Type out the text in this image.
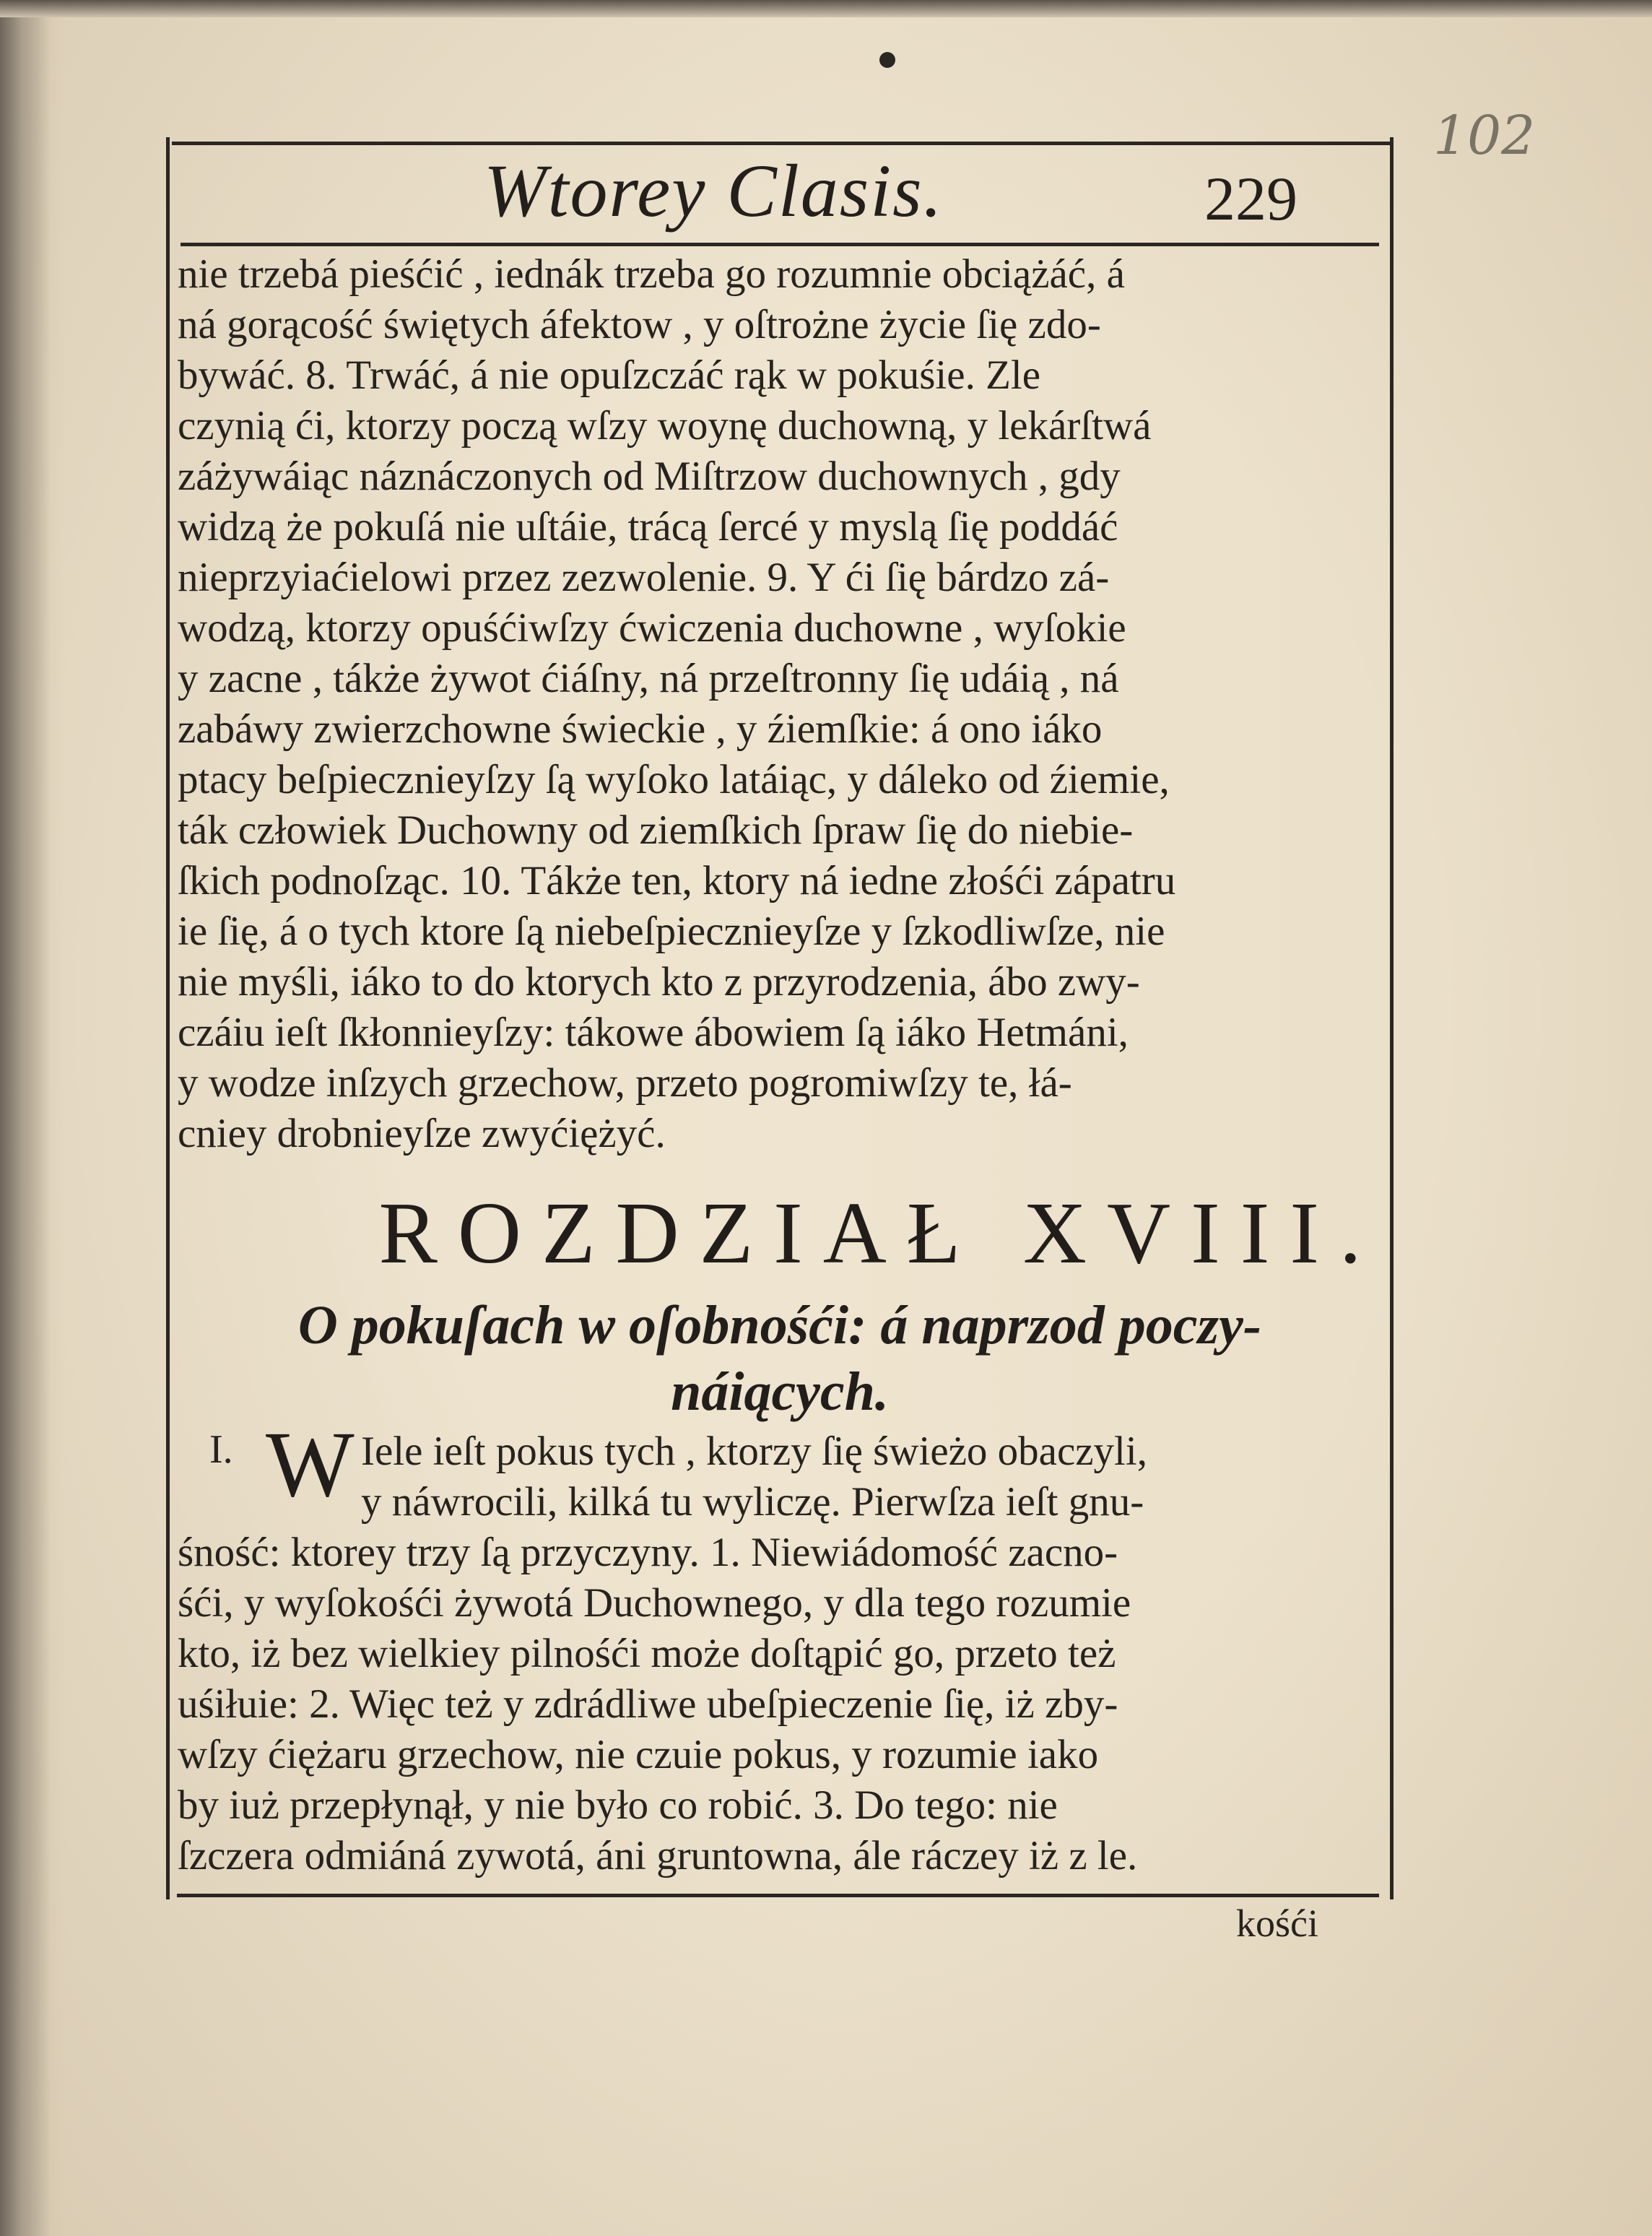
102
Wtorey Clasis.	229
nie trzebá pieśćić , iednák trzeba go rozumnie obciążáć, á
ná gorącość świętych áfektow , y oſtrożne życie ſię zdo-
bywáć. 8. Trwáć, á nie opuſzczáć rąk w pokuśie. Zle
czynią ći, ktorzy począ wſzy woynę duchowną, y lekárſtwá
záżywáiąc náznáczonych od Miſtrzow duchownych , gdy
widzą że pokuſá nie uſtáie, trácą ſercé y myslą ſię poddáć
nieprzyiaćielowi przez zezwolenie. 9. Y ći ſię bárdzo zá-
wodzą, ktorzy opuśćiwſzy ćwiczenia duchowne , wyſokie
y zacne , tákże żywot ćiáſny, ná przeſtronny ſię udáią , ná
zabáwy zwierzchowne świeckie , y źiemſkie: á ono iáko
ptacy beſpiecznieyſzy ſą wyſoko latáiąc, y dáleko od źiemie,
ták człowiek Duchowny od ziemſkich ſpraw ſię do niebie-
ſkich podnoſząc. 10. Tákże ten, ktory ná iedne złośći zápatru
ie ſię, á o tych ktore ſą niebeſpiecznieyſze y ſzkodliwſze, nie
nie myśli, iáko to do ktorych kto z przyrodzenia, ábo zwy-
czáiu ieſt ſkłonnieyſzy: tákowe ábowiem ſą iáko Hetmáni,
y wodze inſzych grzechow, przeto pogromiwſzy te, łá-
cniey drobnieyſze zwyćiężyć.
ROZDZIAŁ XVIII.
O pokuſach w oſobnośći: á naprzod poczy-
náiących.
I. W Iele ieſt pokus tych , ktorzy ſię świeżo obaczyli,
y náwrocili, kilká tu wyliczę. Pierwſza ieſt gnu-
śność: ktorey trzy ſą przyczyny. 1. Niewiádomość zacno-
śći, y wyſokośći żywotá Duchownego, y dla tego rozumie
kto, iż bez wielkiey pilnośći może doſtąpić go, przeto też
uśiłuie: 2. Więc też y zdrádliwe ubeſpieczenie ſię, iż zby-
wſzy ćiężaru grzechow, nie czuie pokus, y rozumie iako
by iuż przepłynął, y nie było co robić. 3. Do tego: nie
ſzczera odmiáná zywotá, áni gruntowna, ále ráczey iż z le.
kośći
